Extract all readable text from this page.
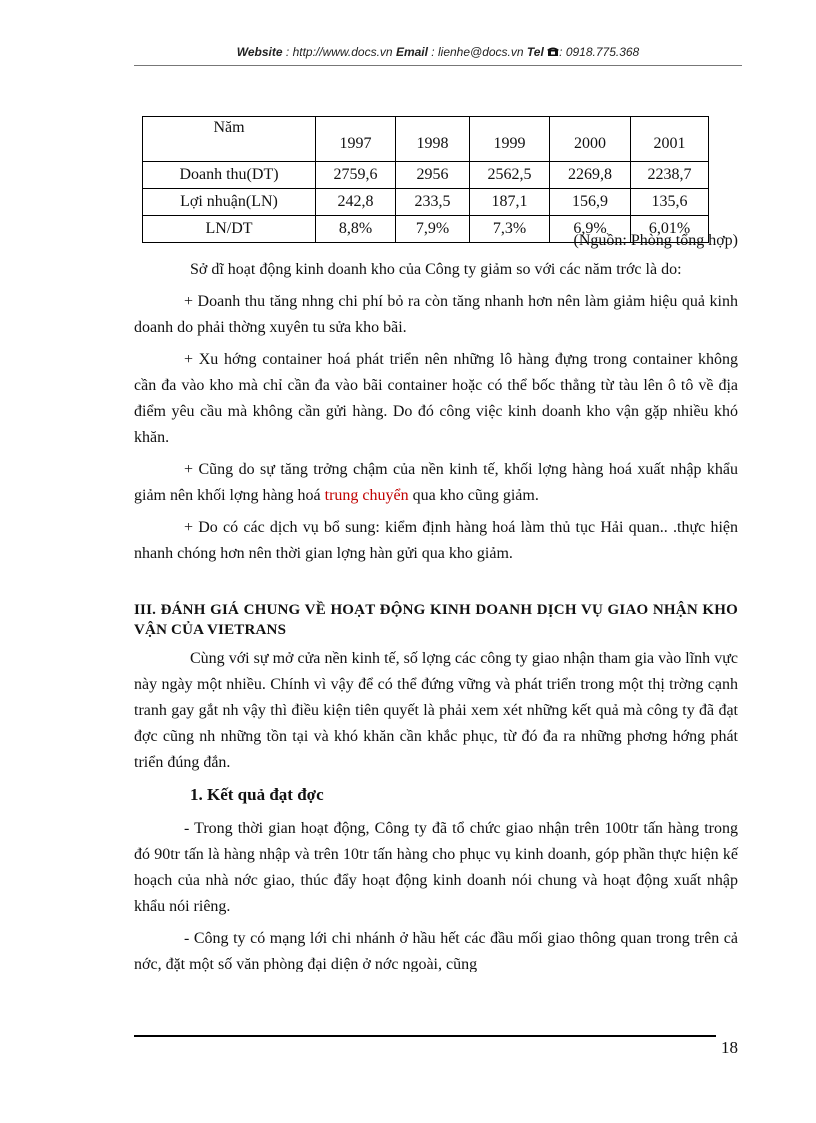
Website : http://www.docs.vn Email : lienhe@docs.vn Tel : 0918.775.368
Năm	1997	1998	1999	2000	2001
Doanh thu(DT)	2759,6	2956	2562,5	2269,8	2238,7
Lợi nhuận(LN)	242,8	233,5	187,1	156,9	135,6
LN/DT	8,8%	7,9%	7,3%	6,9%	6,01%
(Nguồn: Phòng tổng hợp)

Sở dĩ hoạt động kinh doanh kho của Công ty giảm so với các năm trớc là do:

+ Doanh thu tăng nhng chi phí bỏ ra còn tăng nhanh hơn nên làm giảm hiệu quả kinh doanh do phải thờng xuyên tu sửa kho bãi.

+ Xu hớng container hoá phát triển nên những lô hàng đựng trong container không cần đa vào kho mà chỉ cần đa vào bãi container hoặc có thể bốc thẳng từ tàu lên ô tô về địa điểm yêu cầu mà không cần gửi hàng. Do đó công việc kinh doanh kho vận gặp nhiều khó khăn.

+ Cũng do sự tăng trởng chậm của nền kinh tế, khối lợng hàng hoá xuất nhập khẩu giảm nên khối lợng hàng hoá trung chuyển qua kho cũng giảm.

+ Do có các dịch vụ bổ sung: kiểm định hàng hoá làm thủ tục Hải quan.. .thực hiện nhanh chóng hơn nên thời gian lợng hàn gửi qua kho giảm.

III. ĐÁNH GIÁ CHUNG VỀ HOẠT ĐỘNG KINH DOANH DỊCH VỤ GIAO NHẬN KHO VẬN CỦA VIETRANS

Cùng với sự mở cửa nền kinh tế, số lợng các công ty giao nhận tham gia vào lĩnh vực này ngày một nhiều. Chính vì vậy để có thể đứng vững và phát triển trong một thị trờng cạnh tranh gay gắt nh vậy thì điều kiện tiên quyết là phải xem xét những kết quả mà công ty đã đạt đợc cũng nh những tồn tại và khó khăn cần khắc phục, từ đó đa ra những phơng hớng phát triển đúng đắn.

1. Kết quả đạt đợc

- Trong thời gian hoạt động, Công ty đã tổ chức giao nhận trên 100tr tấn hàng trong đó 90tr tấn là hàng nhập và trên 10tr tấn hàng cho phục vụ kinh doanh, góp phần thực hiện kế hoạch của nhà nớc giao, thúc đẩy hoạt động kinh doanh nói chung và hoạt động xuất nhập khẩu nói riêng.

- Công ty có mạng lới chi nhánh ở hầu hết các đầu mối giao thông quan trong trên cả nớc, đặt một số văn phòng đại diện ở nớc ngoài, cũng

18
